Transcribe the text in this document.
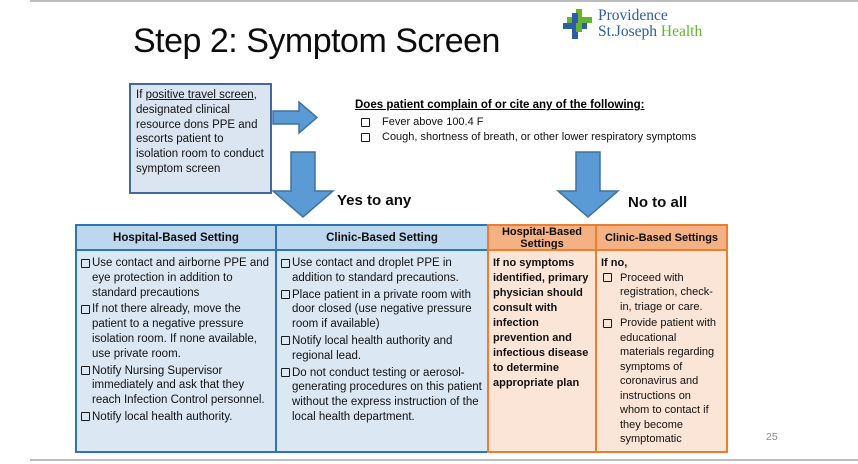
Step 2: Symptom Screen
Providence
St.Joseph Health
If positive travel screen, designated clinical resource dons PPE and escorts patient to isolation room to conduct symptom screen
Does patient complain of or cite any of the following:
Fever above 100.4 F
Cough, shortness of breath, or other lower respiratory symptoms
Yes to any	No to all
Hospital-Based Setting
Use contact and airborne PPE and eye protection in addition to standard precautions
If not there already, move the patient to a negative pressure isolation room. If none available, use private room.
Notify Nursing Supervisor immediately and ask that they reach Infection Control personnel.
Notify local health authority.
Clinic-Based Setting
Use contact and droplet PPE in addition to standard precautions.
Place patient in a private room with door closed (use negative pressure room if available)
Notify local health authority and regional lead.
Do not conduct testing or aerosol-generating procedures on this patient without the express instruction of the local health department.
Hospital-Based Settings
If no symptoms identified, primary physician should consult with infection prevention and infectious disease to determine appropriate plan
Clinic-Based Settings
If no,
Proceed with registration, check-in, triage or care.
Provide patient with educational materials regarding symptoms of coronavirus and instructions on whom to contact if they become symptomatic	25
